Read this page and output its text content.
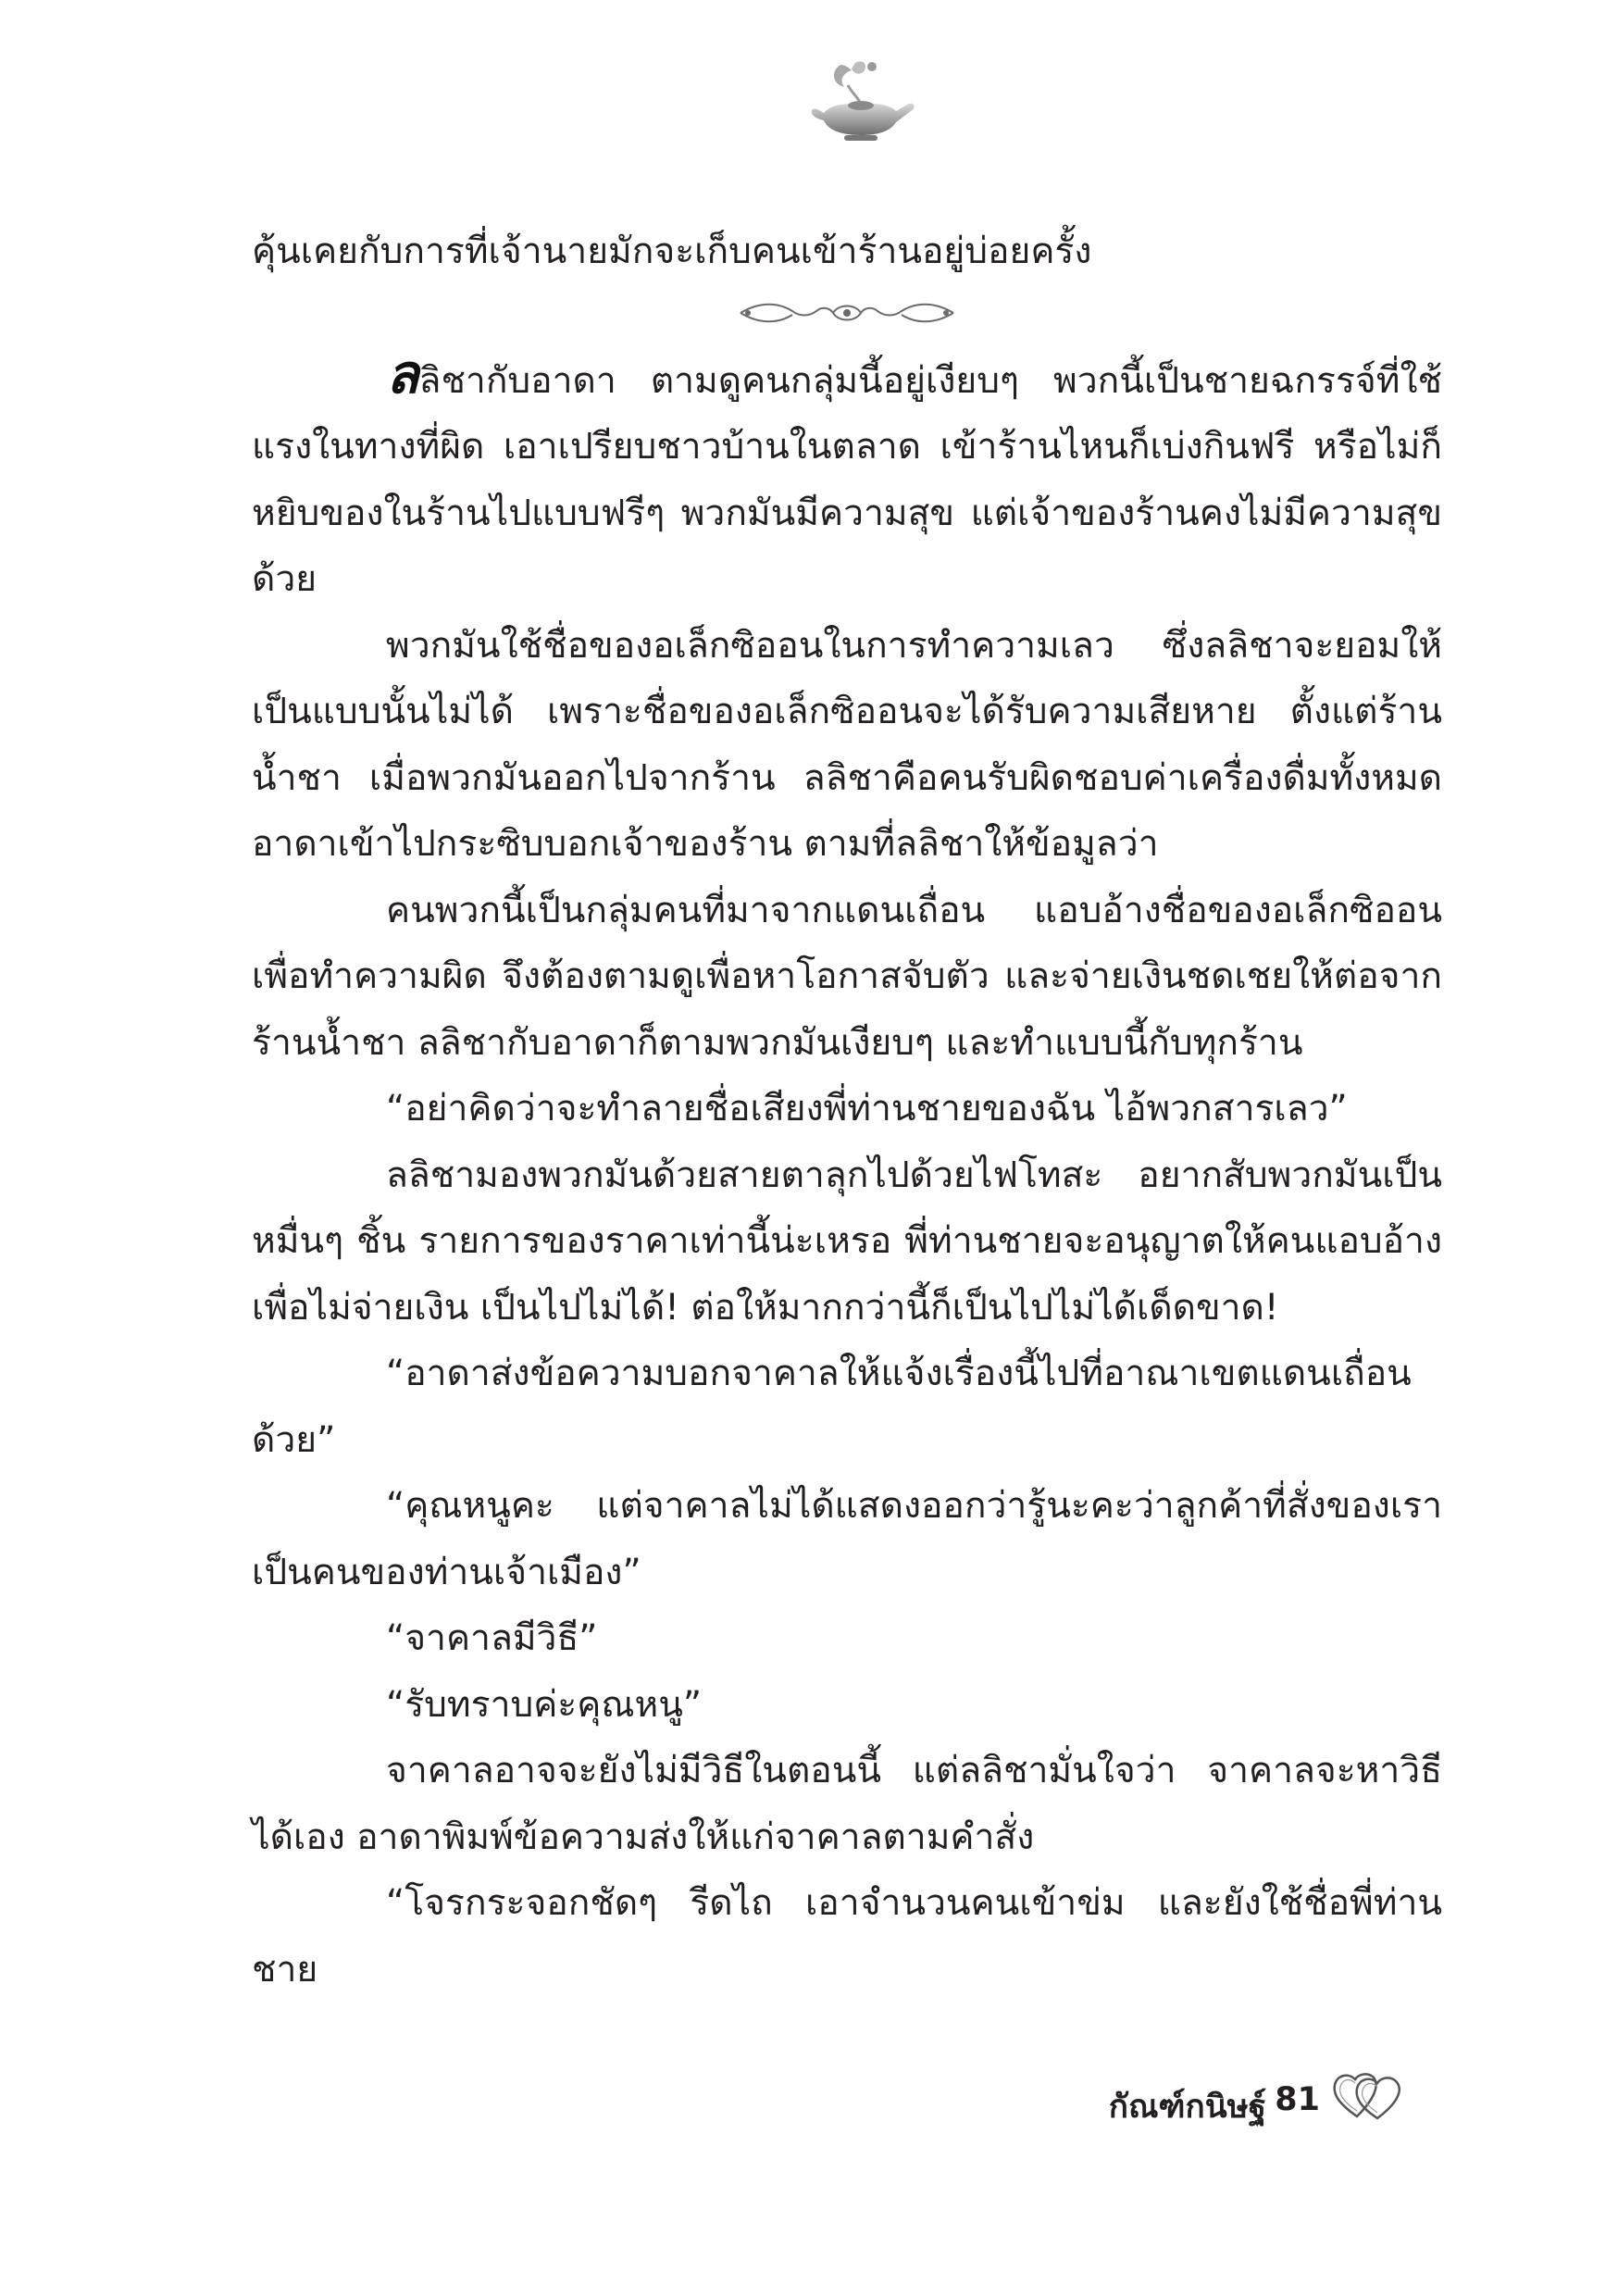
คุ้นเคยกับการที่เจ้านายมักจะเก็บคนเข้าร้านอยู่บ่อยครั้ง

ลลิชากับอาดา ตามดูคนกลุ่มนี้อยู่เงียบๆ พวกนี้เป็นชายฉกรรจ์ที่ใช้แรงในทางที่ผิด เอาเปรียบชาวบ้านในตลาด เข้าร้านไหนก็เบ่งกินฟรี หรือไม่ก็หยิบของในร้านไปแบบฟรีๆ พวกมันมีความสุข แต่เจ้าของร้านคงไม่มีความสุขด้วย

พวกมันใช้ชื่อของอเล็กซิออนในการทำความเลว ซึ่งลลิชาจะยอมให้เป็นแบบนั้นไม่ได้ เพราะชื่อของอเล็กซิออนจะได้รับความเสียหาย ตั้งแต่ร้านน้ำชา เมื่อพวกมันออกไปจากร้าน ลลิชาคือคนรับผิดชอบค่าเครื่องดื่มทั้งหมด อาดาเข้าไปกระซิบบอกเจ้าของร้าน ตามที่ลลิชาให้ข้อมูลว่า

คนพวกนี้เป็นกลุ่มคนที่มาจากแดนเถื่อน แอบอ้างชื่อของอเล็กซิออนเพื่อทำความผิด จึงต้องตามดูเพื่อหาโอกาสจับตัว และจ่ายเงินชดเชยให้ต่อจากร้านน้ำชา ลลิชากับอาดาก็ตามพวกมันเงียบๆ และทำแบบนี้กับทุกร้าน

“อย่าคิดว่าจะทำลายชื่อเสียงพี่ท่านชายของฉัน ไอ้พวกสารเลว”

ลลิชามองพวกมันด้วยสายตาลุกไปด้วยไฟโทสะ อยากสับพวกมันเป็นหมื่นๆ ชิ้น รายการของราคาเท่านี้น่ะเหรอ พี่ท่านชายจะอนุญาตให้คนแอบอ้างเพื่อไม่จ่ายเงิน เป็นไปไม่ได้! ต่อให้มากกว่านี้ก็เป็นไปไม่ได้เด็ดขาด!

“อาดาส่งข้อความบอกจาคาลให้แจ้งเรื่องนี้ไปที่อาณาเขตแดนเถื่อนด้วย”

“คุณหนูคะ แต่จาคาลไม่ได้แสดงออกว่ารู้นะคะว่าลูกค้าที่สั่งของเราเป็นคนของท่านเจ้าเมือง”

“จาคาลมีวิธี”

“รับทราบค่ะคุณหนู”

จาคาลอาจจะยังไม่มีวิธีในตอนนี้ แต่ลลิชามั่นใจว่า จาคาลจะหาวิธีได้เอง อาดาพิมพ์ข้อความส่งให้แก่จาคาลตามคำสั่ง

“โจรกระจอกชัดๆ รีดไถ เอาจำนวนคนเข้าข่ม และยังใช้ชื่อพี่ท่านชาย

กัณฑ์กนิษฐ์ 81
